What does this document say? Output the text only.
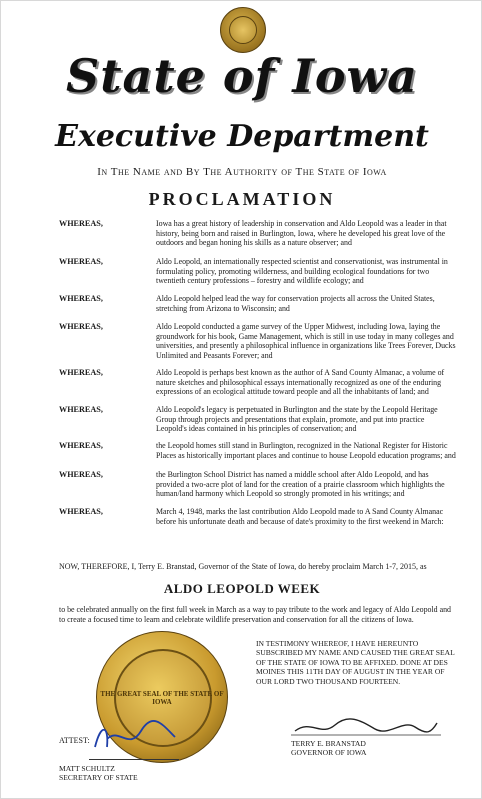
State of Iowa
Executive Department
In The Name and By The Authority of The State of Iowa
PROCLAMATION
WHEREAS,	Iowa has a great history of leadership in conservation and Aldo Leopold was a leader in that history, being born and raised in Burlington, Iowa, where he developed his great love of the outdoors and began honing his skills as a nature observer; and
WHEREAS,	Aldo Leopold, an internationally respected scientist and conservationist, was instrumental in formulating policy, promoting wilderness, and building ecological foundations for two twentieth century professions – forestry and wildlife ecology; and
WHEREAS,	Aldo Leopold helped lead the way for conservation projects all across the United States, stretching from Arizona to Wisconsin; and
WHEREAS,	Aldo Leopold conducted a game survey of the Upper Midwest, including Iowa, laying the groundwork for his book, Game Management, which is still in use today in many colleges and universities, and presently a philosophical influence in organizations like Trees Forever, Ducks Unlimited and Peasants Forever; and
WHEREAS,	Aldo Leopold is perhaps best known as the author of A Sand County Almanac, a volume of nature sketches and philosophical essays internationally recognized as one of the enduring expressions of an ecological attitude toward people and all the inhabitants of land; and
WHEREAS,	Aldo Leopold's legacy is perpetuated in Burlington and the state by the Leopold Heritage Group through projects and presentations that explain, promote, and put into practice Leopold's ideas contained in his principles of conservation; and
WHEREAS,	the Leopold homes still stand in Burlington, recognized in the National Register for Historic Places as historically important places and continue to house Leopold education programs; and
WHEREAS,	the Burlington School District has named a middle school after Aldo Leopold, and has provided a two-acre plot of land for the creation of a prairie classroom which highlights the human/land harmony which Leopold so strongly promoted in his writings; and
WHEREAS,	March 4, 1948, marks the last contribution Aldo Leopold made to A Sand County Almanac before his unfortunate death and because of date's proximity to the first weekend in March:
NOW, THEREFORE, I, Terry E. Branstad, Governor of the State of Iowa, do hereby proclaim March 1-7, 2015, as
ALDO LEOPOLD WEEK
to be celebrated annually on the first full week in March as a way to pay tribute to the work and legacy of Aldo Leopold and to create a focused time to learn and celebrate wildlife preservation and conservation for all the citizens of Iowa.
THE GREAT SEAL OF THE STATE OF IOWA
IN TESTIMONY WHEREOF, I HAVE HEREUNTO SUBSCRIBED MY NAME AND CAUSED THE GREAT SEAL OF THE STATE OF IOWA TO BE AFFIXED. DONE AT DES MOINES THIS 11TH DAY OF AUGUST IN THE YEAR OF OUR LORD TWO THOUSAND FOURTEEN.
TERRY E. BRANSTAD
GOVERNOR OF IOWA
ATTEST:
MATT SCHULTZ
SECRETARY OF STATE
